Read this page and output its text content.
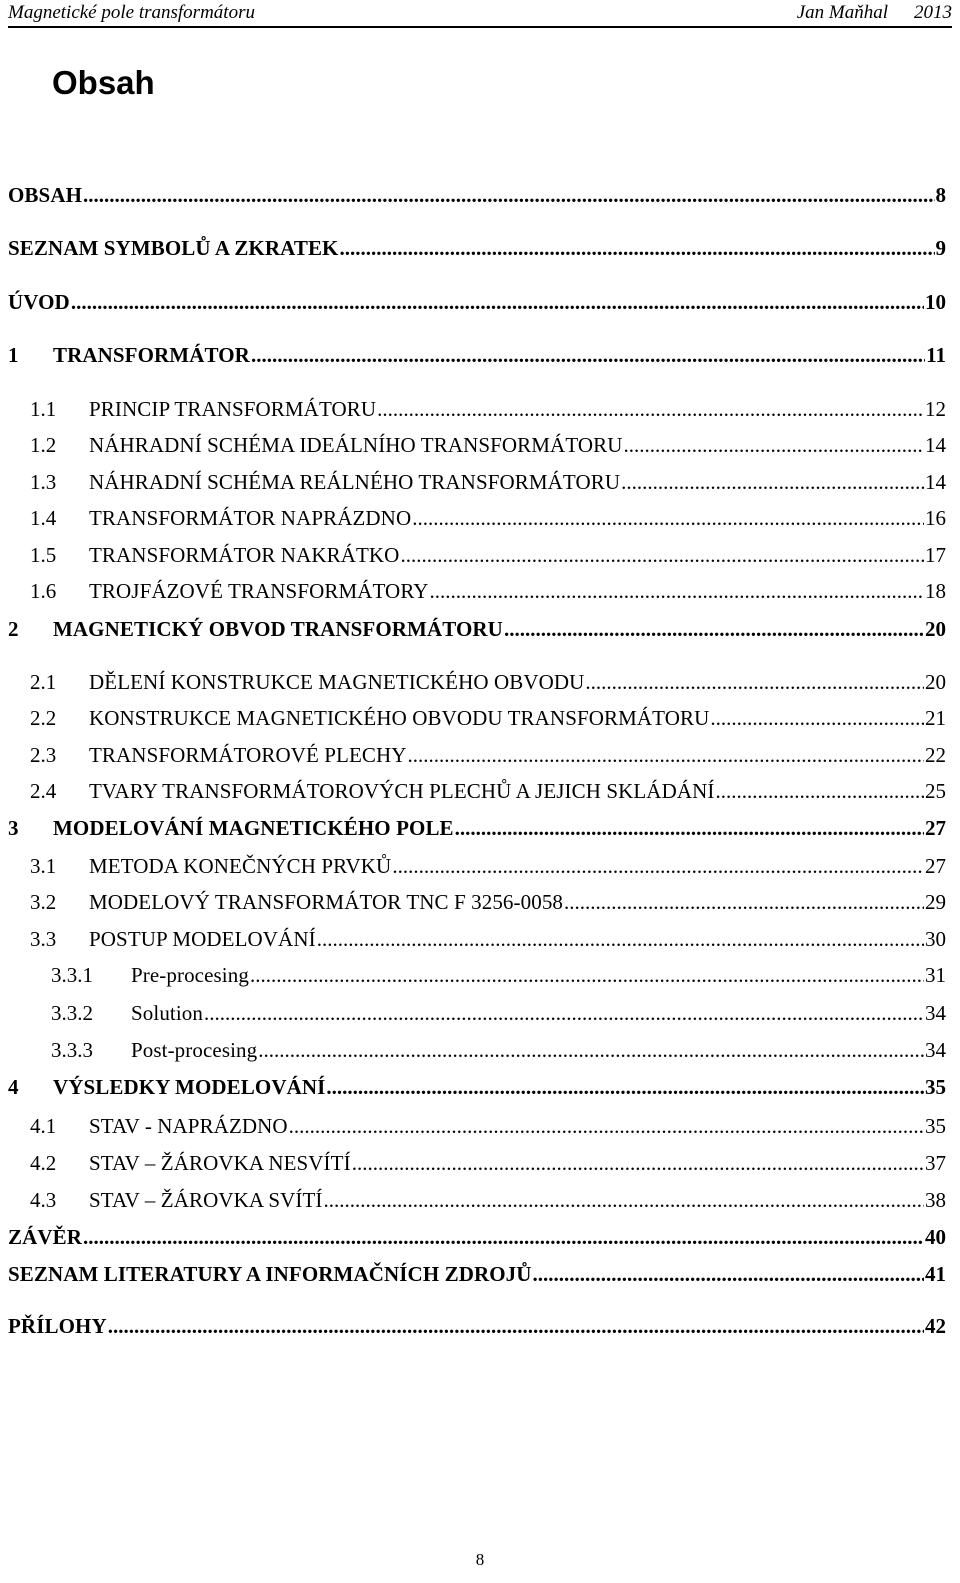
Magnetické pole transformátoru	Jan Maňhal 2013
Obsah
OBSAH .....	8
SEZNAM SYMBOLŮ A ZKRATEK .....	9
ÚVOD .....	10
1	TRANSFORMÁTOR .....	11
1.1	PRINCIP TRANSFORMÁTORU .....	12
1.2	NÁHRADNÍ SCHÉMA IDEÁLNÍHO TRANSFORMÁTORU .....	14
1.3	NÁHRADNÍ SCHÉMA REÁLNÉHO TRANSFORMÁTORU .....	14
1.4	TRANSFORMÁTOR NAPRÁZDNO .....	16
1.5	TRANSFORMÁTOR NAKRÁTKO .....	17
1.6	TROJFÁZOVÉ TRANSFORMÁTORY .....	18
2	MAGNETICKÝ OBVOD TRANSFORMÁTORU .....	20
2.1	DĚLENÍ KONSTRUKCE MAGNETICKÉHO OBVODU .....	20
2.2	KONSTRUKCE MAGNETICKÉHO OBVODU TRANSFORMÁTORU .....	21
2.3	TRANSFORMÁTOROVÉ PLECHY .....	22
2.4	TVARY TRANSFORMÁTOROVÝCH PLECHŮ A JEJICH SKLÁDÁNÍ .....	25
3	MODELOVÁNÍ MAGNETICKÉHO POLE .....	27
3.1	METODA KONEČNÝCH PRVKŮ .....	27
3.2	MODELOVÝ TRANSFORMÁTOR TNC F 3256-0058 .....	29
3.3	POSTUP MODELOVÁNÍ .....	30
3.3.1	Pre-procesing .....	31
3.3.2	Solution .....	34
3.3.3	Post-procesing .....	34
4	VÝSLEDKY MODELOVÁNÍ .....	35
4.1	STAV - NAPRÁZDNO .....	35
4.2	STAV – ŽÁROVKA NESVÍTÍ .....	37
4.3	STAV – ŽÁROVKA SVÍTÍ .....	38
ZÁVĚR .....	40
SEZNAM LITERATURY A INFORMAČNÍCH ZDROJŮ .....	41
PŘÍLOHY .....	42
8
